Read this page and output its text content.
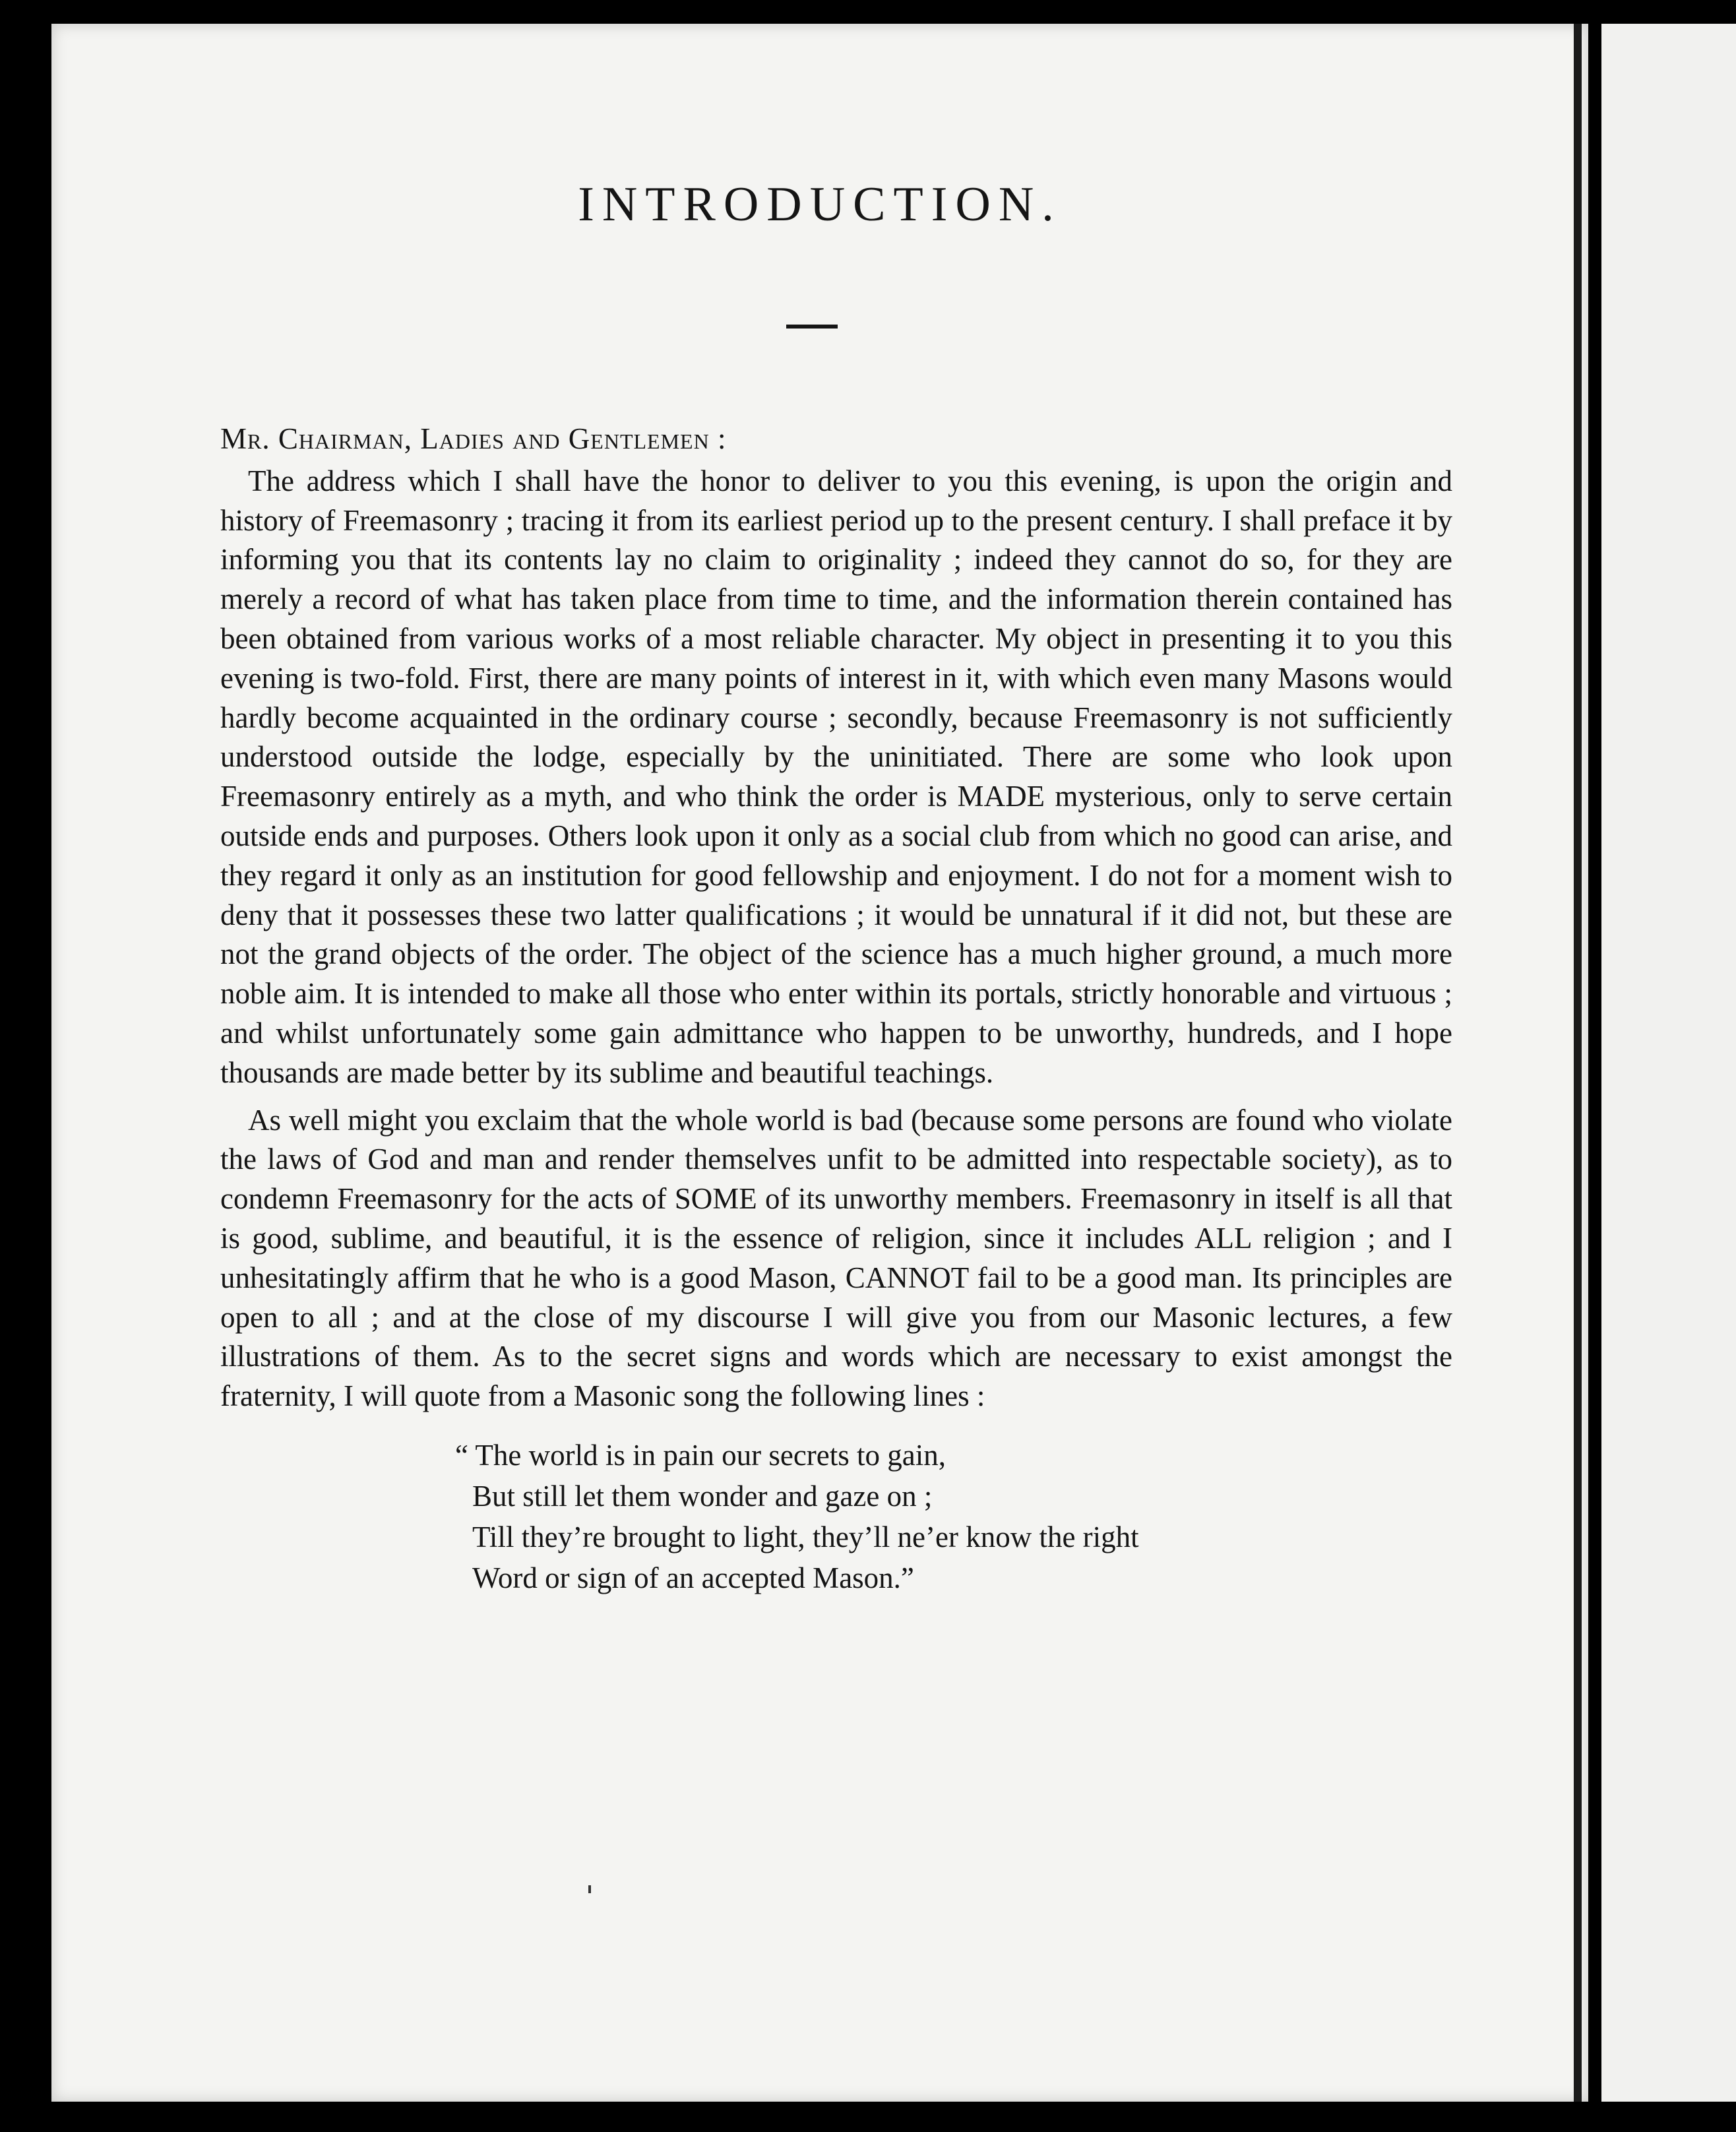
INTRODUCTION.

Mr. Chairman, Ladies and Gentlemen :

The address which I shall have the honor to deliver to you this evening, is upon the origin and history of Freemasonry ; tracing it from its earliest period up to the present century. I shall preface it by informing you that its contents lay no claim to originality ; indeed they cannot do so, for they are merely a record of what has taken place from time to time, and the information therein contained has been obtained from various works of a most reliable character. My object in presenting it to you this evening is two-fold. First, there are many points of interest in it, with which even many Masons would hardly become acquainted in the ordinary course ; secondly, because Freemasonry is not sufficiently understood outside the lodge, especially by the uninitiated. There are some who look upon Freemasonry entirely as a myth, and who think the order is MADE mysterious, only to serve certain outside ends and purposes. Others look upon it only as a social club from which no good can arise, and they regard it only as an institution for good fellowship and enjoyment. I do not for a moment wish to deny that it possesses these two latter qualifications ; it would be unnatural if it did not, but these are not the grand objects of the order. The object of the science has a much higher ground, a much more noble aim. It is intended to make all those who enter within its portals, strictly honorable and virtuous ; and whilst unfortunately some gain admittance who happen to be unworthy, hundreds, and I hope thousands are made better by its sublime and beautiful teachings.

As well might you exclaim that the whole world is bad (because some persons are found who violate the laws of God and man and render themselves unfit to be admitted into respectable society), as to condemn Freemasonry for the acts of SOME of its unworthy members. Freemasonry in itself is all that is good, sublime, and beautiful, it is the essence of religion, since it includes ALL religion ; and I unhesitatingly affirm that he who is a good Mason, CANNOT fail to be a good man. Its principles are open to all ; and at the close of my discourse I will give you from our Masonic lectures, a few illustrations of them. As to the secret signs and words which are necessary to exist amongst the fraternity, I will quote from a Masonic song the following lines :

“ The world is in pain our secrets to gain,
But still let them wonder and gaze on ;
Till they’re brought to light, they’ll ne’er know the right
Word or sign of an accepted Mason.”
